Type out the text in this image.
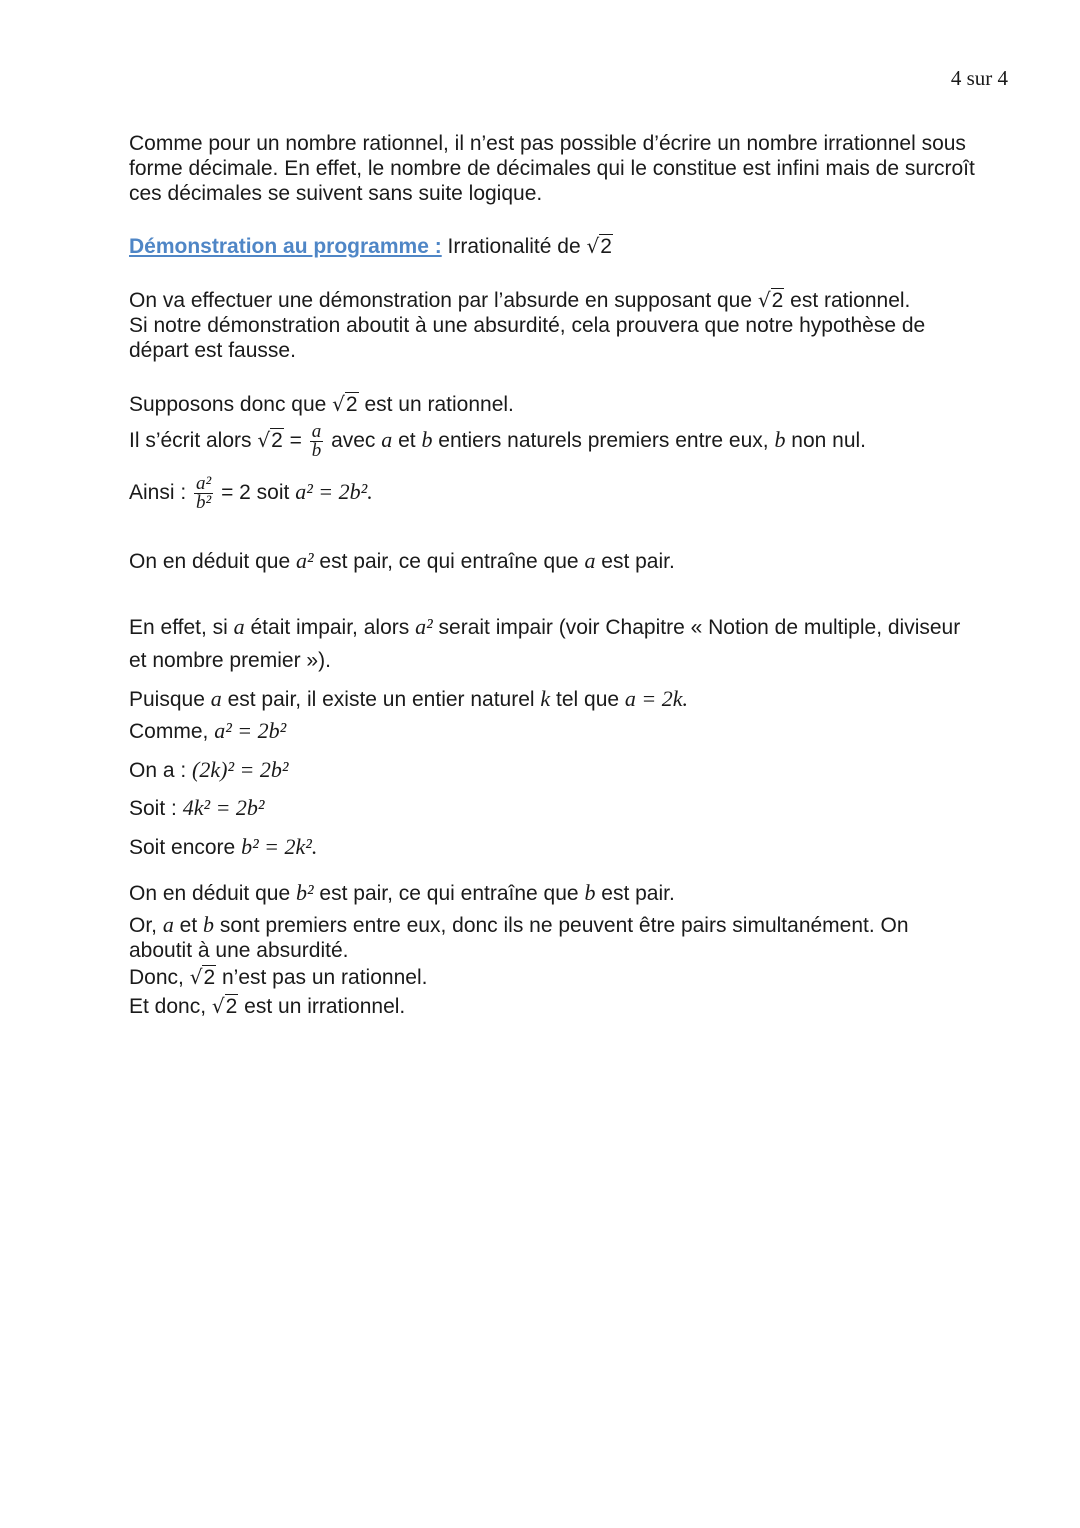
4 sur 4
Comme pour un nombre rationnel, il n’est pas possible d’écrire un nombre irrationnel sous
forme décimale. En effet, le nombre de décimales qui le constitue est infini mais de surcroît
ces décimales se suivent sans suite logique.
Démonstration au programme : Irrationalité de √2
On va effectuer une démonstration par l’absurde en supposant que √2 est rationnel.
Si notre démonstration aboutit à une absurdité, cela prouvera que notre hypothèse de
départ est fausse.
Supposons donc que √2 est un rationnel.
Il s’écrit alors $√2 = \frac{a}{b}$ avec a et b entiers naturels premiers entre eux, b non nul.
Ainsi : $\frac{\text{a²}}{\text{b²}} = 2$ soit a² = 2b².
On en déduit que a² est pair, ce qui entraîne que a est pair.
En effet, si a était impair, alors a² serait impair (voir Chapitre « Notion de multiple, diviseur
et nombre premier »).
Puisque a est pair, il existe un entier naturel k tel que a = 2k.
Comme, a² = 2b²
On a : (2k)² = 2b²
Soit : 4k² = 2b²
Soit encore b² = 2k².
On en déduit que b² est pair, ce qui entraîne que b est pair.
Or, a et b sont premiers entre eux, donc ils ne peuvent être pairs simultanément. On
aboutit à une absurdité.
Donc, √2 n’est pas un rationnel.
Et donc, √2 est un irrationnel.
